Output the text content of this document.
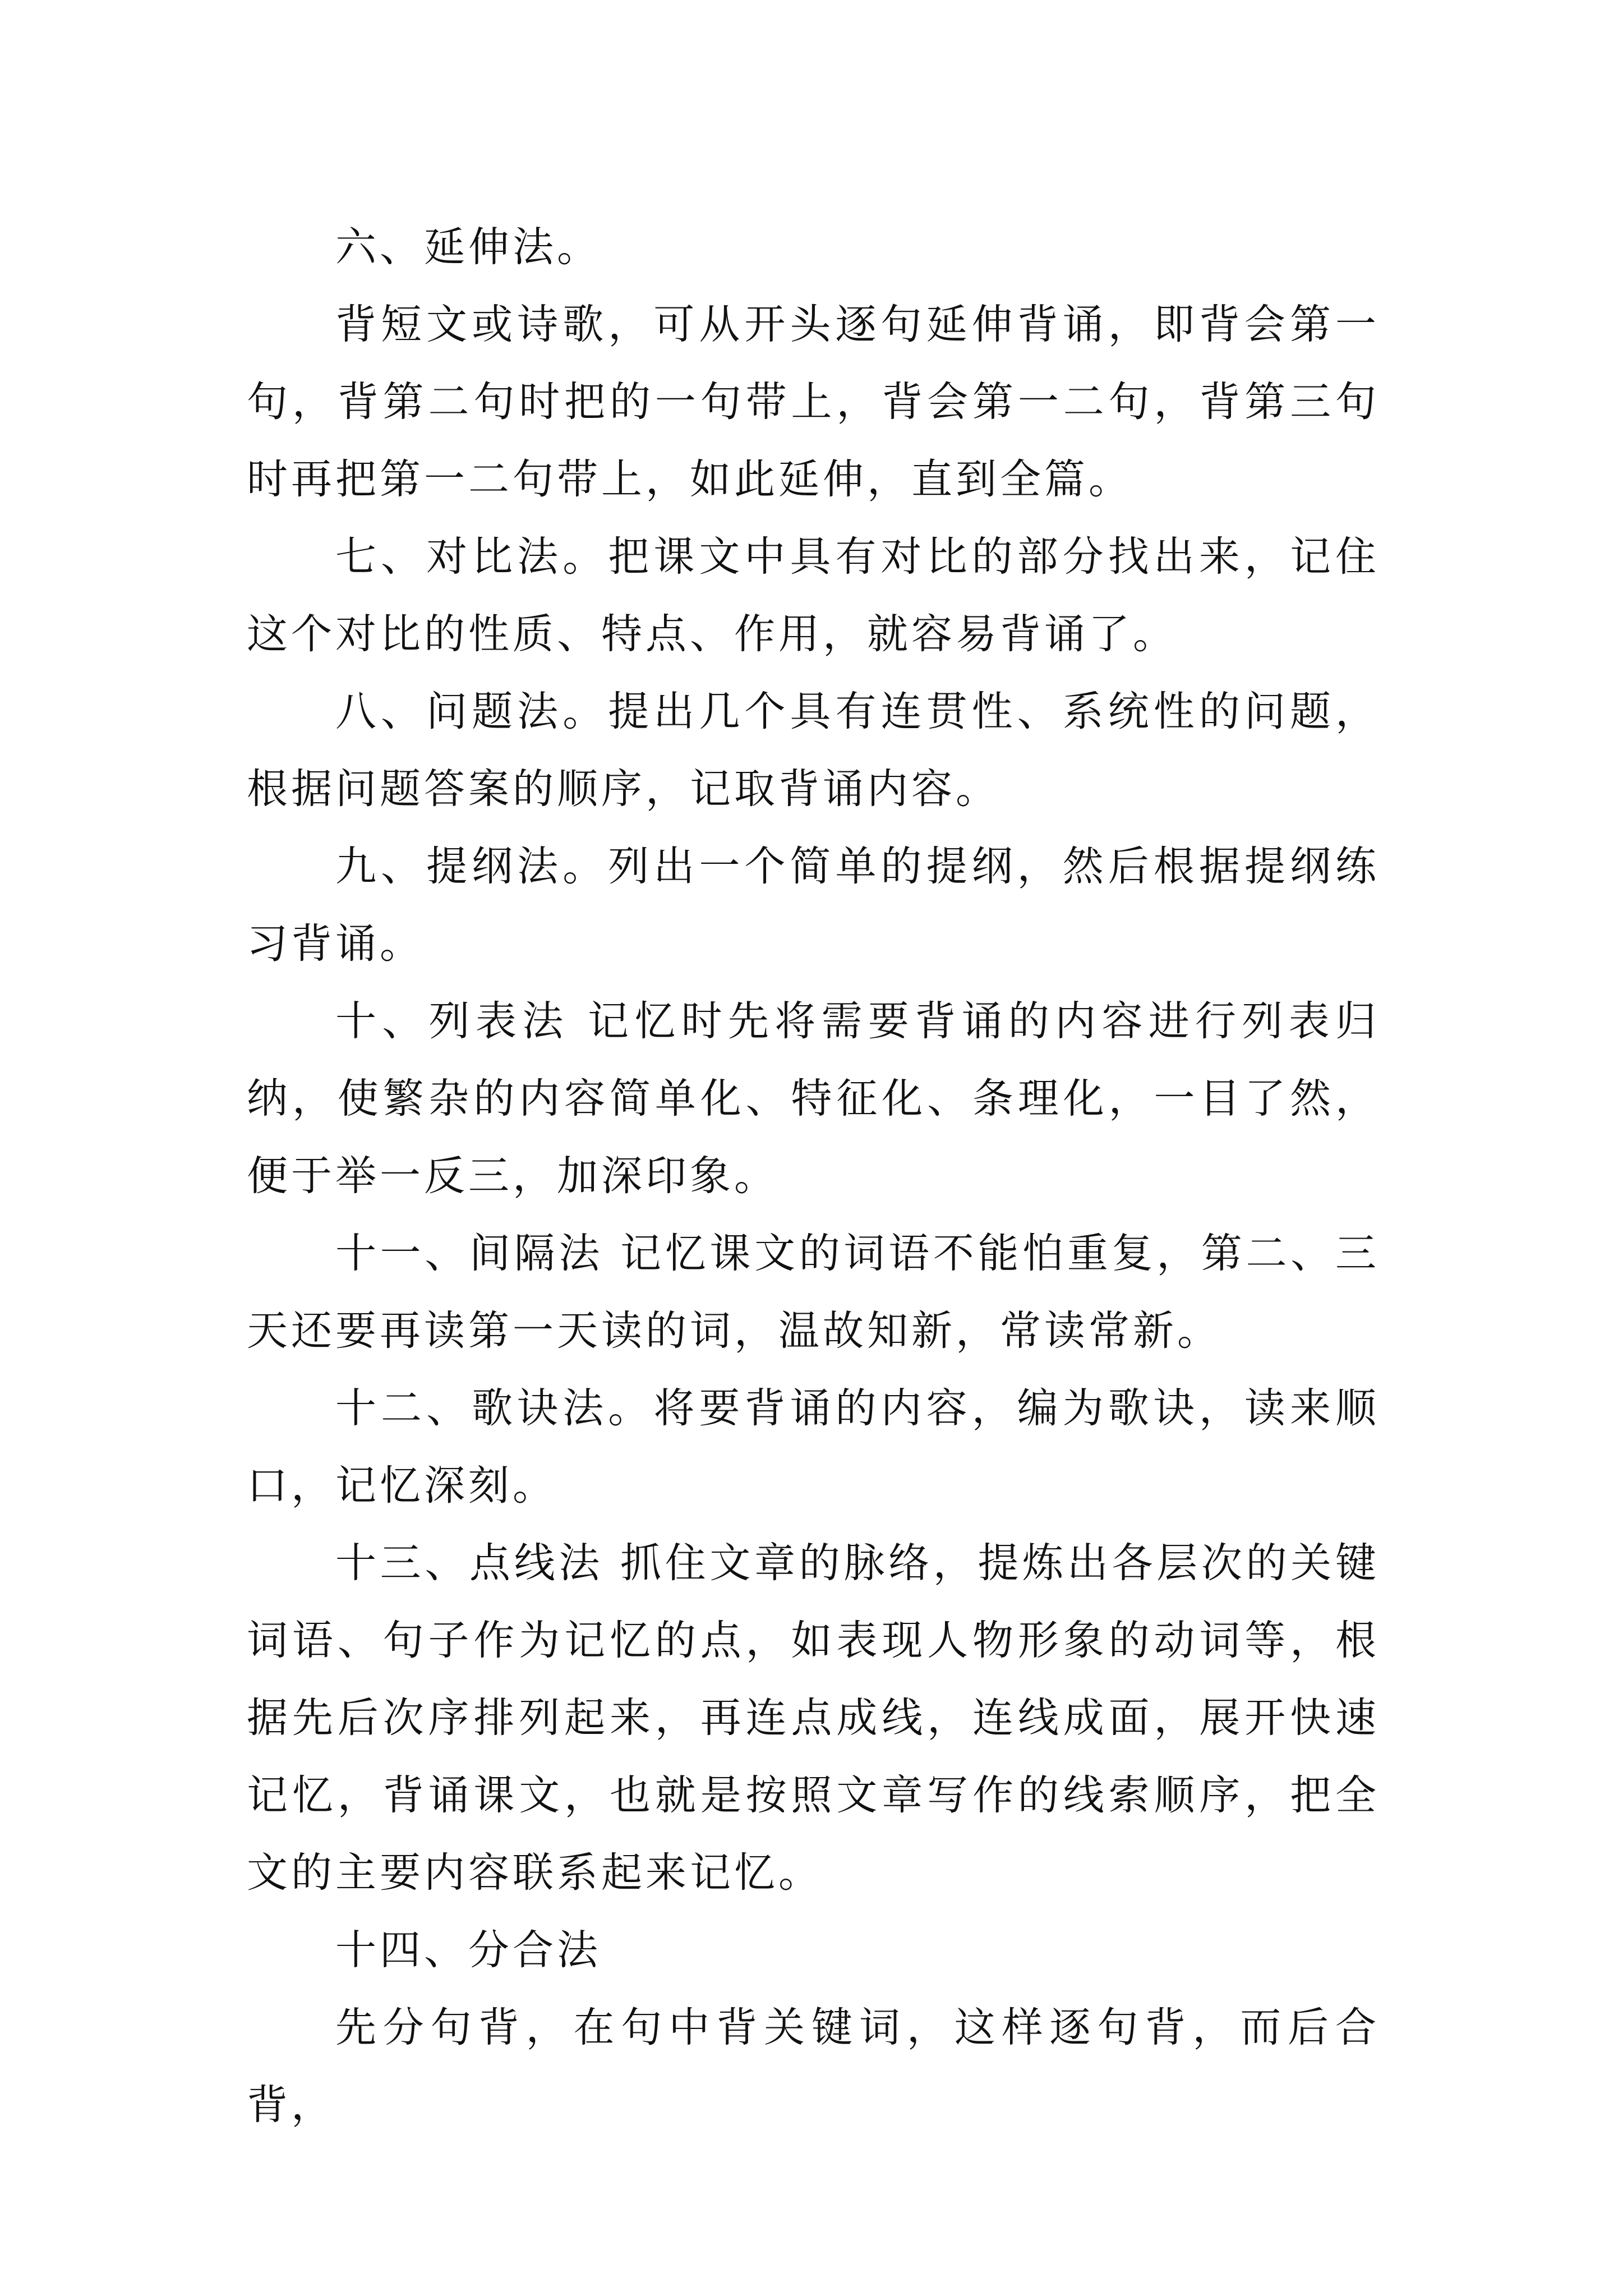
六、延伸法。

背短文或诗歌，可从开头逐句延伸背诵，即背会第一句，背第二句时把的一句带上，背会第一二句，背第三句时再把第一二句带上，如此延伸，直到全篇。

七、对比法。把课文中具有对比的部分找出来，记住这个对比的性质、特点、作用，就容易背诵了。

八、问题法。提出几个具有连贯性、系统性的问题，根据问题答案的顺序，记取背诵内容。

九、提纲法。列出一个简单的提纲，然后根据提纲练习背诵。

十、列表法 记忆时先将需要背诵的内容进行列表归纳，使繁杂的内容简单化、特征化、条理化，一目了然，便于举一反三，加深印象。

十一、间隔法 记忆课文的词语不能怕重复，第二、三天还要再读第一天读的词，温故知新，常读常新。

十二、歌诀法。将要背诵的内容，编为歌诀，读来顺口，记忆深刻。

十三、点线法 抓住文章的脉络，提炼出各层次的关键词语、句子作为记忆的点，如表现人物形象的动词等，根据先后次序排列起来，再连点成线，连线成面，展开快速记忆，背诵课文，也就是按照文章写作的线索顺序，把全文的主要内容联系起来记忆。

十四、分合法

先分句背，在句中背关键词，这样逐句背，而后合背，
